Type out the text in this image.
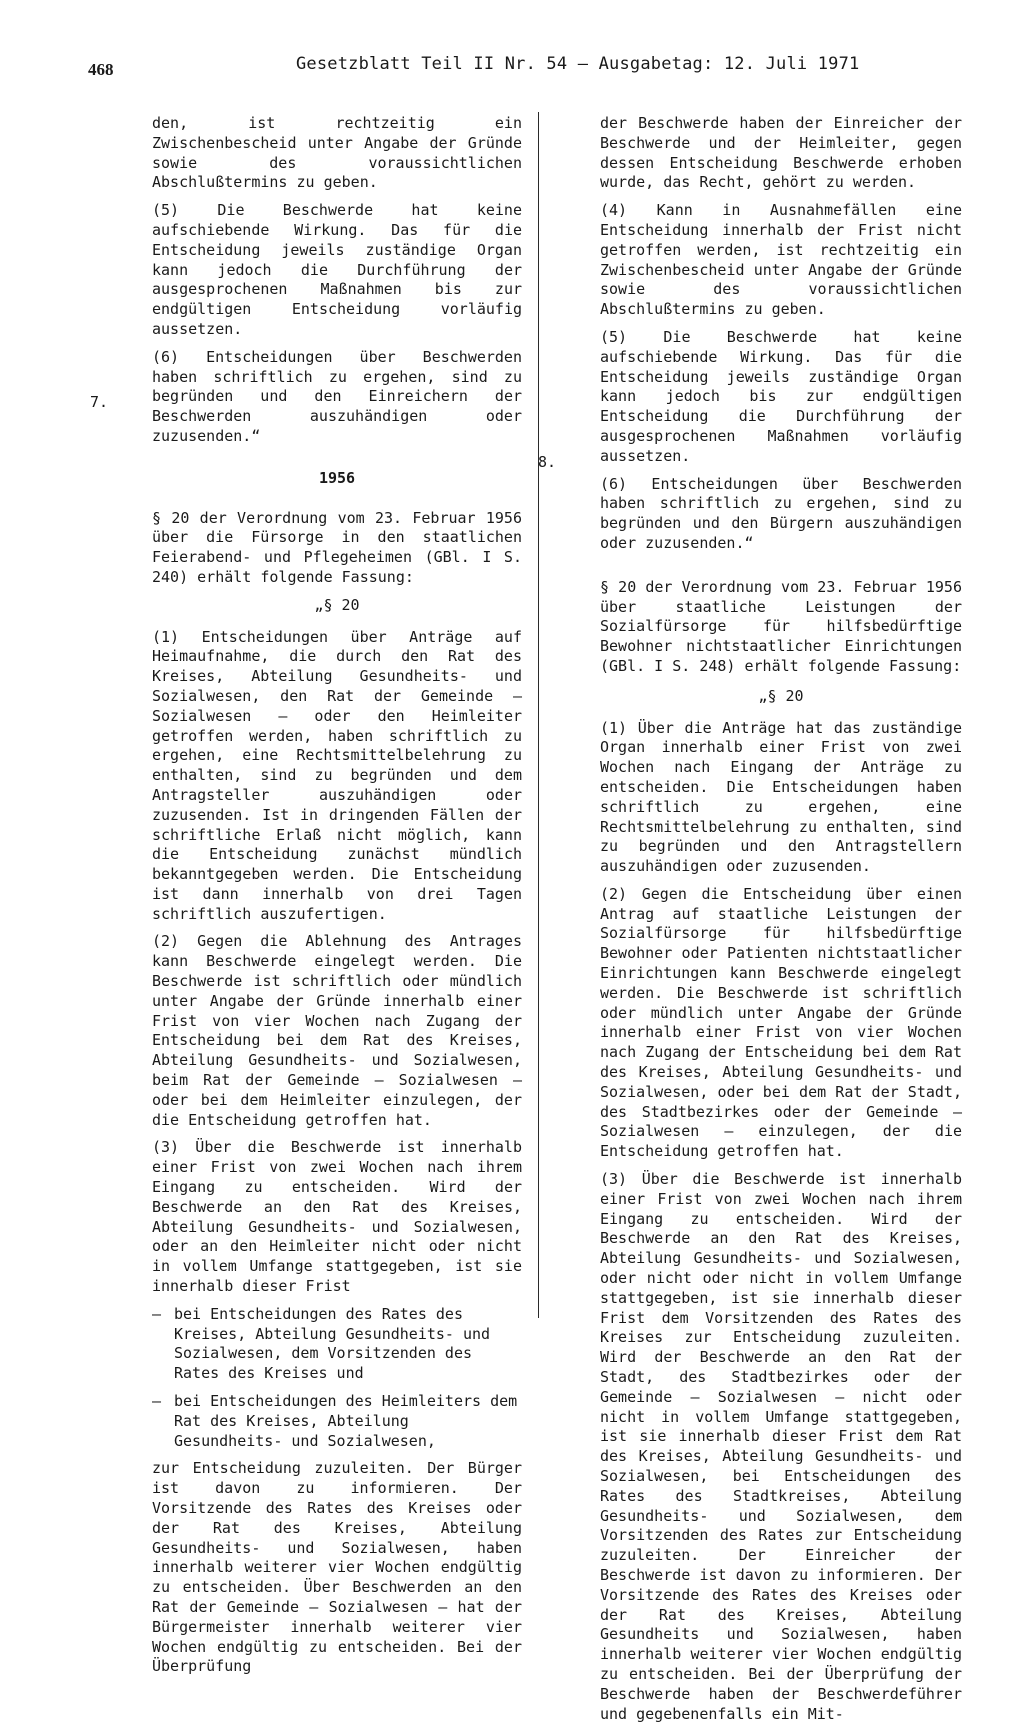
468	Gesetzblatt Teil II Nr. 54 — Ausgabetag: 12. Juli 1971
7.
8.

den, ist rechtzeitig ein Zwischenbescheid unter Angabe der Gründe sowie des voraussichtlichen Abschlußtermins zu geben.

(5) Die Beschwerde hat keine aufschiebende Wirkung. Das für die Entscheidung jeweils zuständige Organ kann jedoch die Durchführung der ausgesprochenen Maßnahmen bis zur endgültigen Entscheidung vorläufig aussetzen.

(6) Entscheidungen über Beschwerden haben schriftlich zu ergehen, sind zu begründen und den Einreichern der Beschwerden auszuhändigen oder zuzusenden.“

1956

§ 20 der Verordnung vom 23. Februar 1956 über die Fürsorge in den staatlichen Feierabend- und Pflegeheimen (GBl. I S. 240) erhält folgende Fassung:

„§ 20

(1) Entscheidungen über Anträge auf Heimaufnahme, die durch den Rat des Kreises, Abteilung Gesundheits- und Sozialwesen, den Rat der Gemeinde — Sozialwesen — oder den Heimleiter getroffen werden, haben schriftlich zu ergehen, eine Rechtsmittelbelehrung zu enthalten, sind zu begründen und dem Antragsteller auszuhändigen oder zuzusenden. Ist in dringenden Fällen der schriftliche Erlaß nicht möglich, kann die Entscheidung zunächst mündlich bekanntgegeben werden. Die Entscheidung ist dann innerhalb von drei Tagen schriftlich auszufertigen.

(2) Gegen die Ablehnung des Antrages kann Beschwerde eingelegt werden. Die Beschwerde ist schriftlich oder mündlich unter Angabe der Gründe innerhalb einer Frist von vier Wochen nach Zugang der Entscheidung bei dem Rat des Kreises, Abteilung Gesundheits- und Sozialwesen, beim Rat der Gemeinde — Sozialwesen — oder bei dem Heimleiter einzulegen, der die Entscheidung getroffen hat.

(3) Über die Beschwerde ist innerhalb einer Frist von zwei Wochen nach ihrem Eingang zu entscheiden. Wird der Beschwerde an den Rat des Kreises, Abteilung Gesundheits- und Sozialwesen, oder an den Heimleiter nicht oder nicht in vollem Umfange stattgegeben, ist sie innerhalb dieser Frist

— bei Entscheidungen des Rates des Kreises, Abteilung Gesundheits- und Sozialwesen, dem Vorsitzenden des Rates des Kreises und
— bei Entscheidungen des Heimleiters dem Rat des Kreises, Abteilung Gesundheits- und Sozialwesen,

zur Entscheidung zuzuleiten. Der Bürger ist davon zu informieren. Der Vorsitzende des Rates des Kreises oder der Rat des Kreises, Abteilung Gesundheits- und Sozialwesen, haben innerhalb weiterer vier Wochen endgültig zu entscheiden. Über Beschwerden an den Rat der Gemeinde — Sozialwesen — hat der Bürgermeister innerhalb weiterer vier Wochen endgültig zu entscheiden. Bei der Überprüfung

der Beschwerde haben der Einreicher der Beschwerde und der Heimleiter, gegen dessen Entscheidung Beschwerde erhoben wurde, das Recht, gehört zu werden.

(4) Kann in Ausnahmefällen eine Entscheidung innerhalb der Frist nicht getroffen werden, ist rechtzeitig ein Zwischenbescheid unter Angabe der Gründe sowie des voraussichtlichen Abschlußtermins zu geben.

(5) Die Beschwerde hat keine aufschiebende Wirkung. Das für die Entscheidung jeweils zuständige Organ kann jedoch bis zur endgültigen Entscheidung die Durchführung der ausgesprochenen Maßnahmen vorläufig aussetzen.

(6) Entscheidungen über Beschwerden haben schriftlich zu ergehen, sind zu begründen und den Bürgern auszuhändigen oder zuzusenden.“

§ 20 der Verordnung vom 23. Februar 1956 über staatliche Leistungen der Sozialfürsorge für hilfsbedürftige Bewohner nichtstaatlicher Einrichtungen (GBl. I S. 248) erhält folgende Fassung:

„§ 20

(1) Über die Anträge hat das zuständige Organ innerhalb einer Frist von zwei Wochen nach Eingang der Anträge zu entscheiden. Die Entscheidungen haben schriftlich zu ergehen, eine Rechtsmittelbelehrung zu enthalten, sind zu begründen und den Antragstellern auszuhändigen oder zuzusenden.

(2) Gegen die Entscheidung über einen Antrag auf staatliche Leistungen der Sozialfürsorge für hilfsbedürftige Bewohner oder Patienten nichtstaatlicher Einrichtungen kann Beschwerde eingelegt werden. Die Beschwerde ist schriftlich oder mündlich unter Angabe der Gründe innerhalb einer Frist von vier Wochen nach Zugang der Entscheidung bei dem Rat des Kreises, Abteilung Gesundheits- und Sozialwesen, oder bei dem Rat der Stadt, des Stadtbezirkes oder der Gemeinde — Sozialwesen — einzulegen, der die Entscheidung getroffen hat.

(3) Über die Beschwerde ist innerhalb einer Frist von zwei Wochen nach ihrem Eingang zu entscheiden. Wird der Beschwerde an den Rat des Kreises, Abteilung Gesundheits- und Sozialwesen, oder nicht oder nicht in vollem Umfange stattgegeben, ist sie innerhalb dieser Frist dem Vorsitzenden des Rates des Kreises zur Entscheidung zuzuleiten. Wird der Beschwerde an den Rat der Stadt, des Stadtbezirkes oder der Gemeinde — Sozialwesen — nicht oder nicht in vollem Umfange stattgegeben, ist sie innerhalb dieser Frist dem Rat des Kreises, Abteilung Gesundheits- und Sozialwesen, bei Entscheidungen des Rates des Stadtkreises, Abteilung Gesundheits- und Sozialwesen, dem Vorsitzenden des Rates zur Entscheidung zuzuleiten. Der Einreicher der Beschwerde ist davon zu informieren. Der Vorsitzende des Rates des Kreises oder der Rat des Kreises, Abteilung Gesundheits und Sozialwesen, haben innerhalb weiterer vier Wochen endgültig zu entscheiden. Bei der Überprüfung der Beschwerde haben der Beschwerdeführer und gegebenenfalls ein Mit-
